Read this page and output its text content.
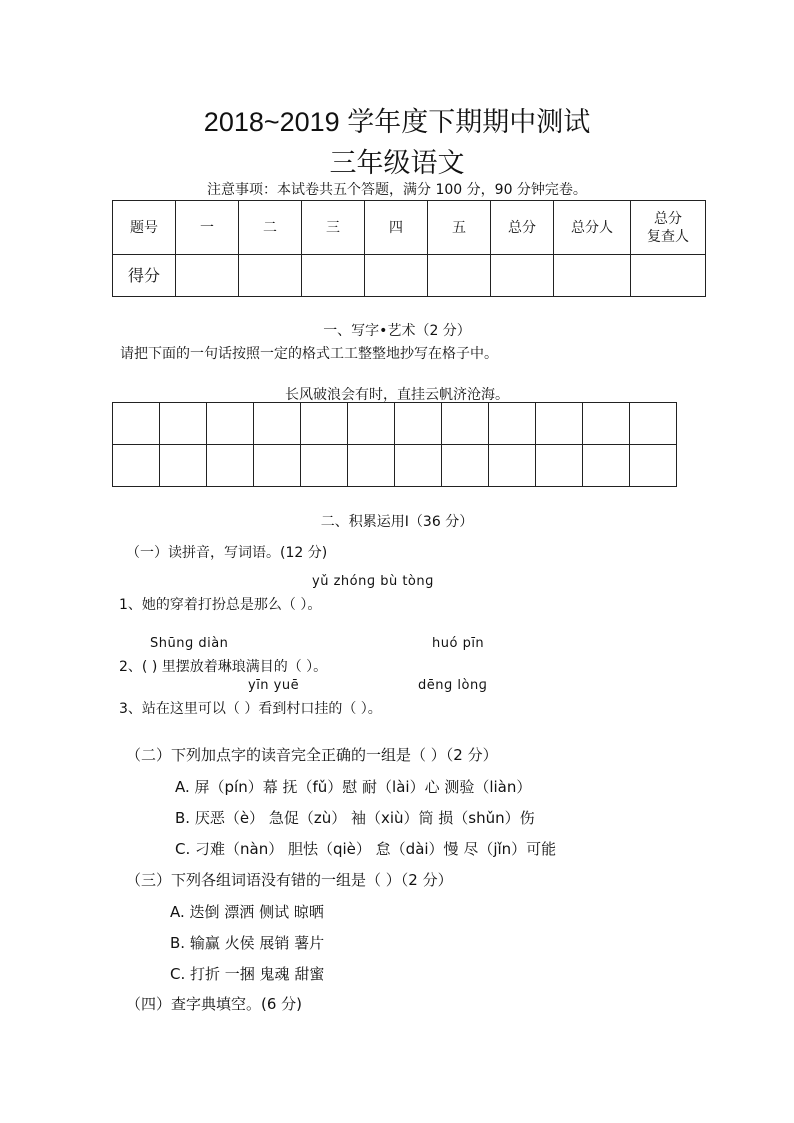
2018~2019 学年度下期期中测试
三年级语文
注意事项：本试卷共五个答题，满分 100 分，90 分钟完卷。
题号	一	二	三	四	五	总分	总分人	总分
复查人

得分								
一、写字•艺术（2 分）
请把下面的一句话按照一定的格式工工整整地抄写在格子中。
长风破浪会有时，直挂云帆济沧海。

二、积累运用Ⅰ（36 分）
（一）读拼音，写词语。(12 分)
yǔ zhónɡ bù tònɡ
1、她的穿着打扮总是那么（ ）。
Shūnɡ diàn	huó pīn
2、( ) 里摆放着琳琅满目的（ ）。
yīn yuē	dēnɡ lònɡ
3、站在这里可以（ ）看到村口挂的（ ）。
（二）下列加点字的读音完全正确的一组是（ ）（2 分）
A. 屏（pín）幕 抚（fǔ）慰 耐（lài）心 测验（liàn）
B. 厌恶（è） 急促（zù） 袖（xiù）筒 损（shǔn）伤
C. 刁难（nàn） 胆怯（qiè） 怠（dài）慢 尽（jǐn）可能
（三）下列各组词语没有错的一组是（ ）（2 分）
A. 迭倒 漂洒 侧试 晾晒
B. 输赢 火侯 展销 薯片
C. 打折 一捆 鬼魂 甜蜜
（四）查字典填空。(6 分)
